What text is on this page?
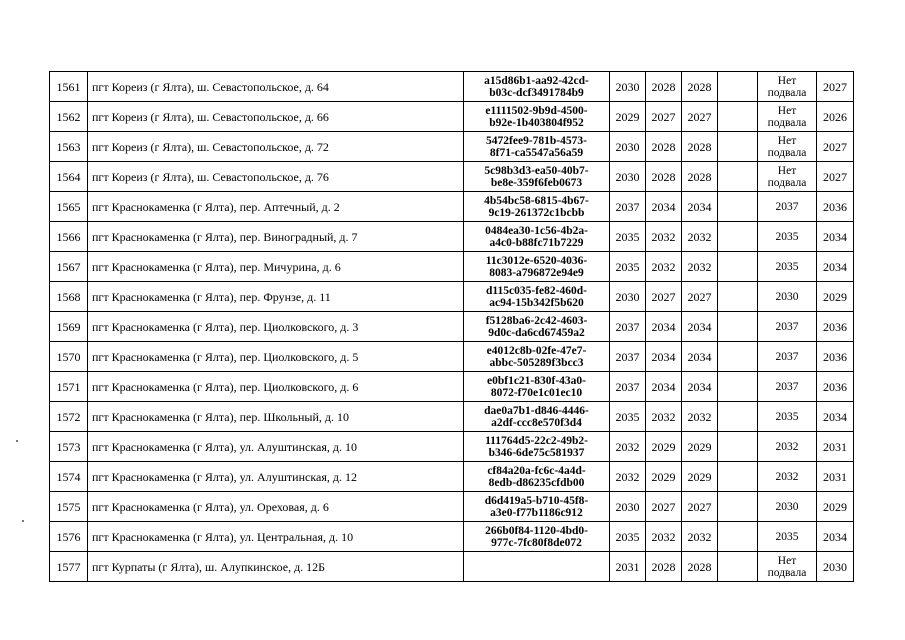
1561	пгт Кореиз (г Ялта), ш. Севастопольское, д. 64	a15d86b1-aa92-42cd-
b03c-dcf3491784b9	2030	2028	2028		Нет
подвала	2027
1562	пгт Кореиз (г Ялта), ш. Севастопольское, д. 66	e1111502-9b9d-4500-
b92e-1b403804f952	2029	2027	2027		Нет
подвала	2026
1563	пгт Кореиз (г Ялта), ш. Севастопольское, д. 72	5472fee9-781b-4573-
8f71-ca5547a56a59	2030	2028	2028		Нет
подвала	2027
1564	пгт Кореиз (г Ялта), ш. Севастопольское, д. 76	5c98b3d3-ea50-40b7-
be8e-359f6feb0673	2030	2028	2028		Нет
подвала	2027
1565	пгт Краснокаменка (г Ялта), пер. Аптечный, д. 2	4b54bc58-6815-4b67-
9c19-261372c1bcbb	2037	2034	2034		2037	2036
1566	пгт Краснокаменка (г Ялта), пер. Виноградный, д. 7	0484ea30-1c56-4b2a-
a4c0-b88fc71b7229	2035	2032	2032		2035	2034
1567	пгт Краснокаменка (г Ялта), пер. Мичурина, д. 6	11c3012e-6520-4036-
8083-a796872e94e9	2035	2032	2032		2035	2034
1568	пгт Краснокаменка (г Ялта), пер. Фрунзе, д. 11	d115c035-fe82-460d-
ac94-15b342f5b620	2030	2027	2027		2030	2029
1569	пгт Краснокаменка (г Ялта), пер. Циолковского, д. 3	f5128ba6-2c42-4603-
9d0c-da6cd67459a2	2037	2034	2034		2037	2036
1570	пгт Краснокаменка (г Ялта), пер. Циолковского, д. 5	e4012c8b-02fe-47e7-
abbc-505289f3bcc3	2037	2034	2034		2037	2036
1571	пгт Краснокаменка (г Ялта), пер. Циолковского, д. 6	e0bf1c21-830f-43a0-
8072-f70e1c01ec10	2037	2034	2034		2037	2036
1572	пгт Краснокаменка (г Ялта), пер. Школьный, д. 10	dae0a7b1-d846-4446-
a2df-ccc8e570f3d4	2035	2032	2032		2035	2034
1573	пгт Краснокаменка (г Ялта), ул. Алуштинская, д. 10	111764d5-22c2-49b2-
b346-6de75c581937	2032	2029	2029		2032	2031
1574	пгт Краснокаменка (г Ялта), ул. Алуштинская, д. 12	cf84a20a-fc6c-4a4d-
8edb-d86235cfdb00	2032	2029	2029		2032	2031
1575	пгт Краснокаменка (г Ялта), ул. Ореховая, д. 6	d6d419a5-b710-45f8-
a3e0-f77b1186c912	2030	2027	2027		2030	2029
1576	пгт Краснокаменка (г Ялта), ул. Центральная, д. 10	266b0f84-1120-4bd0-
977c-7fc80f8de072	2035	2032	2032		2035	2034
1577	пгт Курпаты (г Ялта), ш. Алупкинское, д. 12Б		2031	2028	2028		Нет
подвала	2030
